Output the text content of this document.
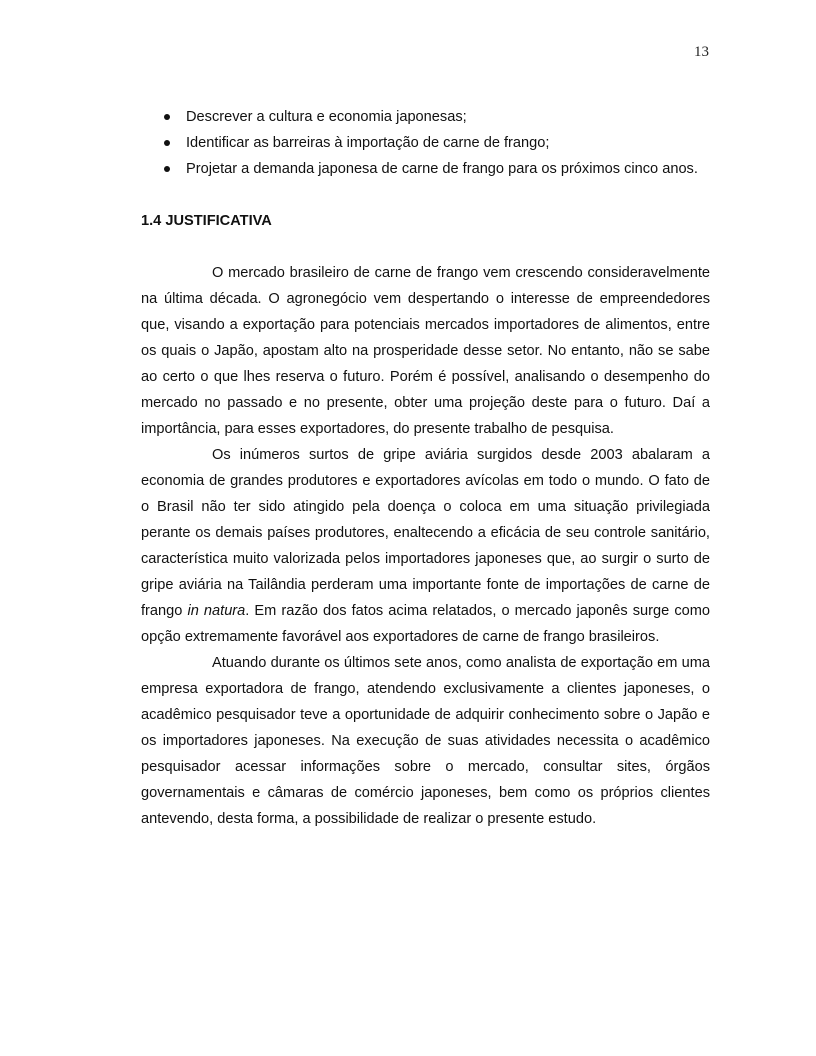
13
Descrever a cultura e economia japonesas;
Identificar as barreiras à importação de carne de frango;
Projetar a demanda japonesa de carne de frango para os próximos cinco anos.
1.4 JUSTIFICATIVA

O mercado brasileiro de carne de frango vem crescendo consideravelmente na última década. O agronegócio vem despertando o interesse de empreendedores que, visando a exportação para potenciais mercados importadores de alimentos, entre os quais o Japão, apostam alto na prosperidade desse setor. No entanto, não se sabe ao certo o que lhes reserva o futuro. Porém é possível, analisando o desempenho do mercado no passado e no presente, obter uma projeção deste para o futuro. Daí a importância, para esses exportadores, do presente trabalho de pesquisa.

Os inúmeros surtos de gripe aviária surgidos desde 2003 abalaram a economia de grandes produtores e exportadores avícolas em todo o mundo. O fato de o Brasil não ter sido atingido pela doença o coloca em uma situação privilegiada perante os demais países produtores, enaltecendo a eficácia de seu controle sanitário, característica muito valorizada pelos importadores japoneses que, ao surgir o surto de gripe aviária na Tailândia perderam uma importante fonte de importações de carne de frango in natura. Em razão dos fatos acima relatados, o mercado japonês surge como opção extremamente favorável aos exportadores de carne de frango brasileiros.

Atuando durante os últimos sete anos, como analista de exportação em uma empresa exportadora de frango, atendendo exclusivamente a clientes japoneses, o acadêmico pesquisador teve a oportunidade de adquirir conhecimento sobre o Japão e os importadores japoneses. Na execução de suas atividades necessita o acadêmico pesquisador acessar informações sobre o mercado, consultar sites, órgãos governamentais e câmaras de comércio japoneses, bem como os próprios clientes antevendo, desta forma, a possibilidade de realizar o presente estudo.
